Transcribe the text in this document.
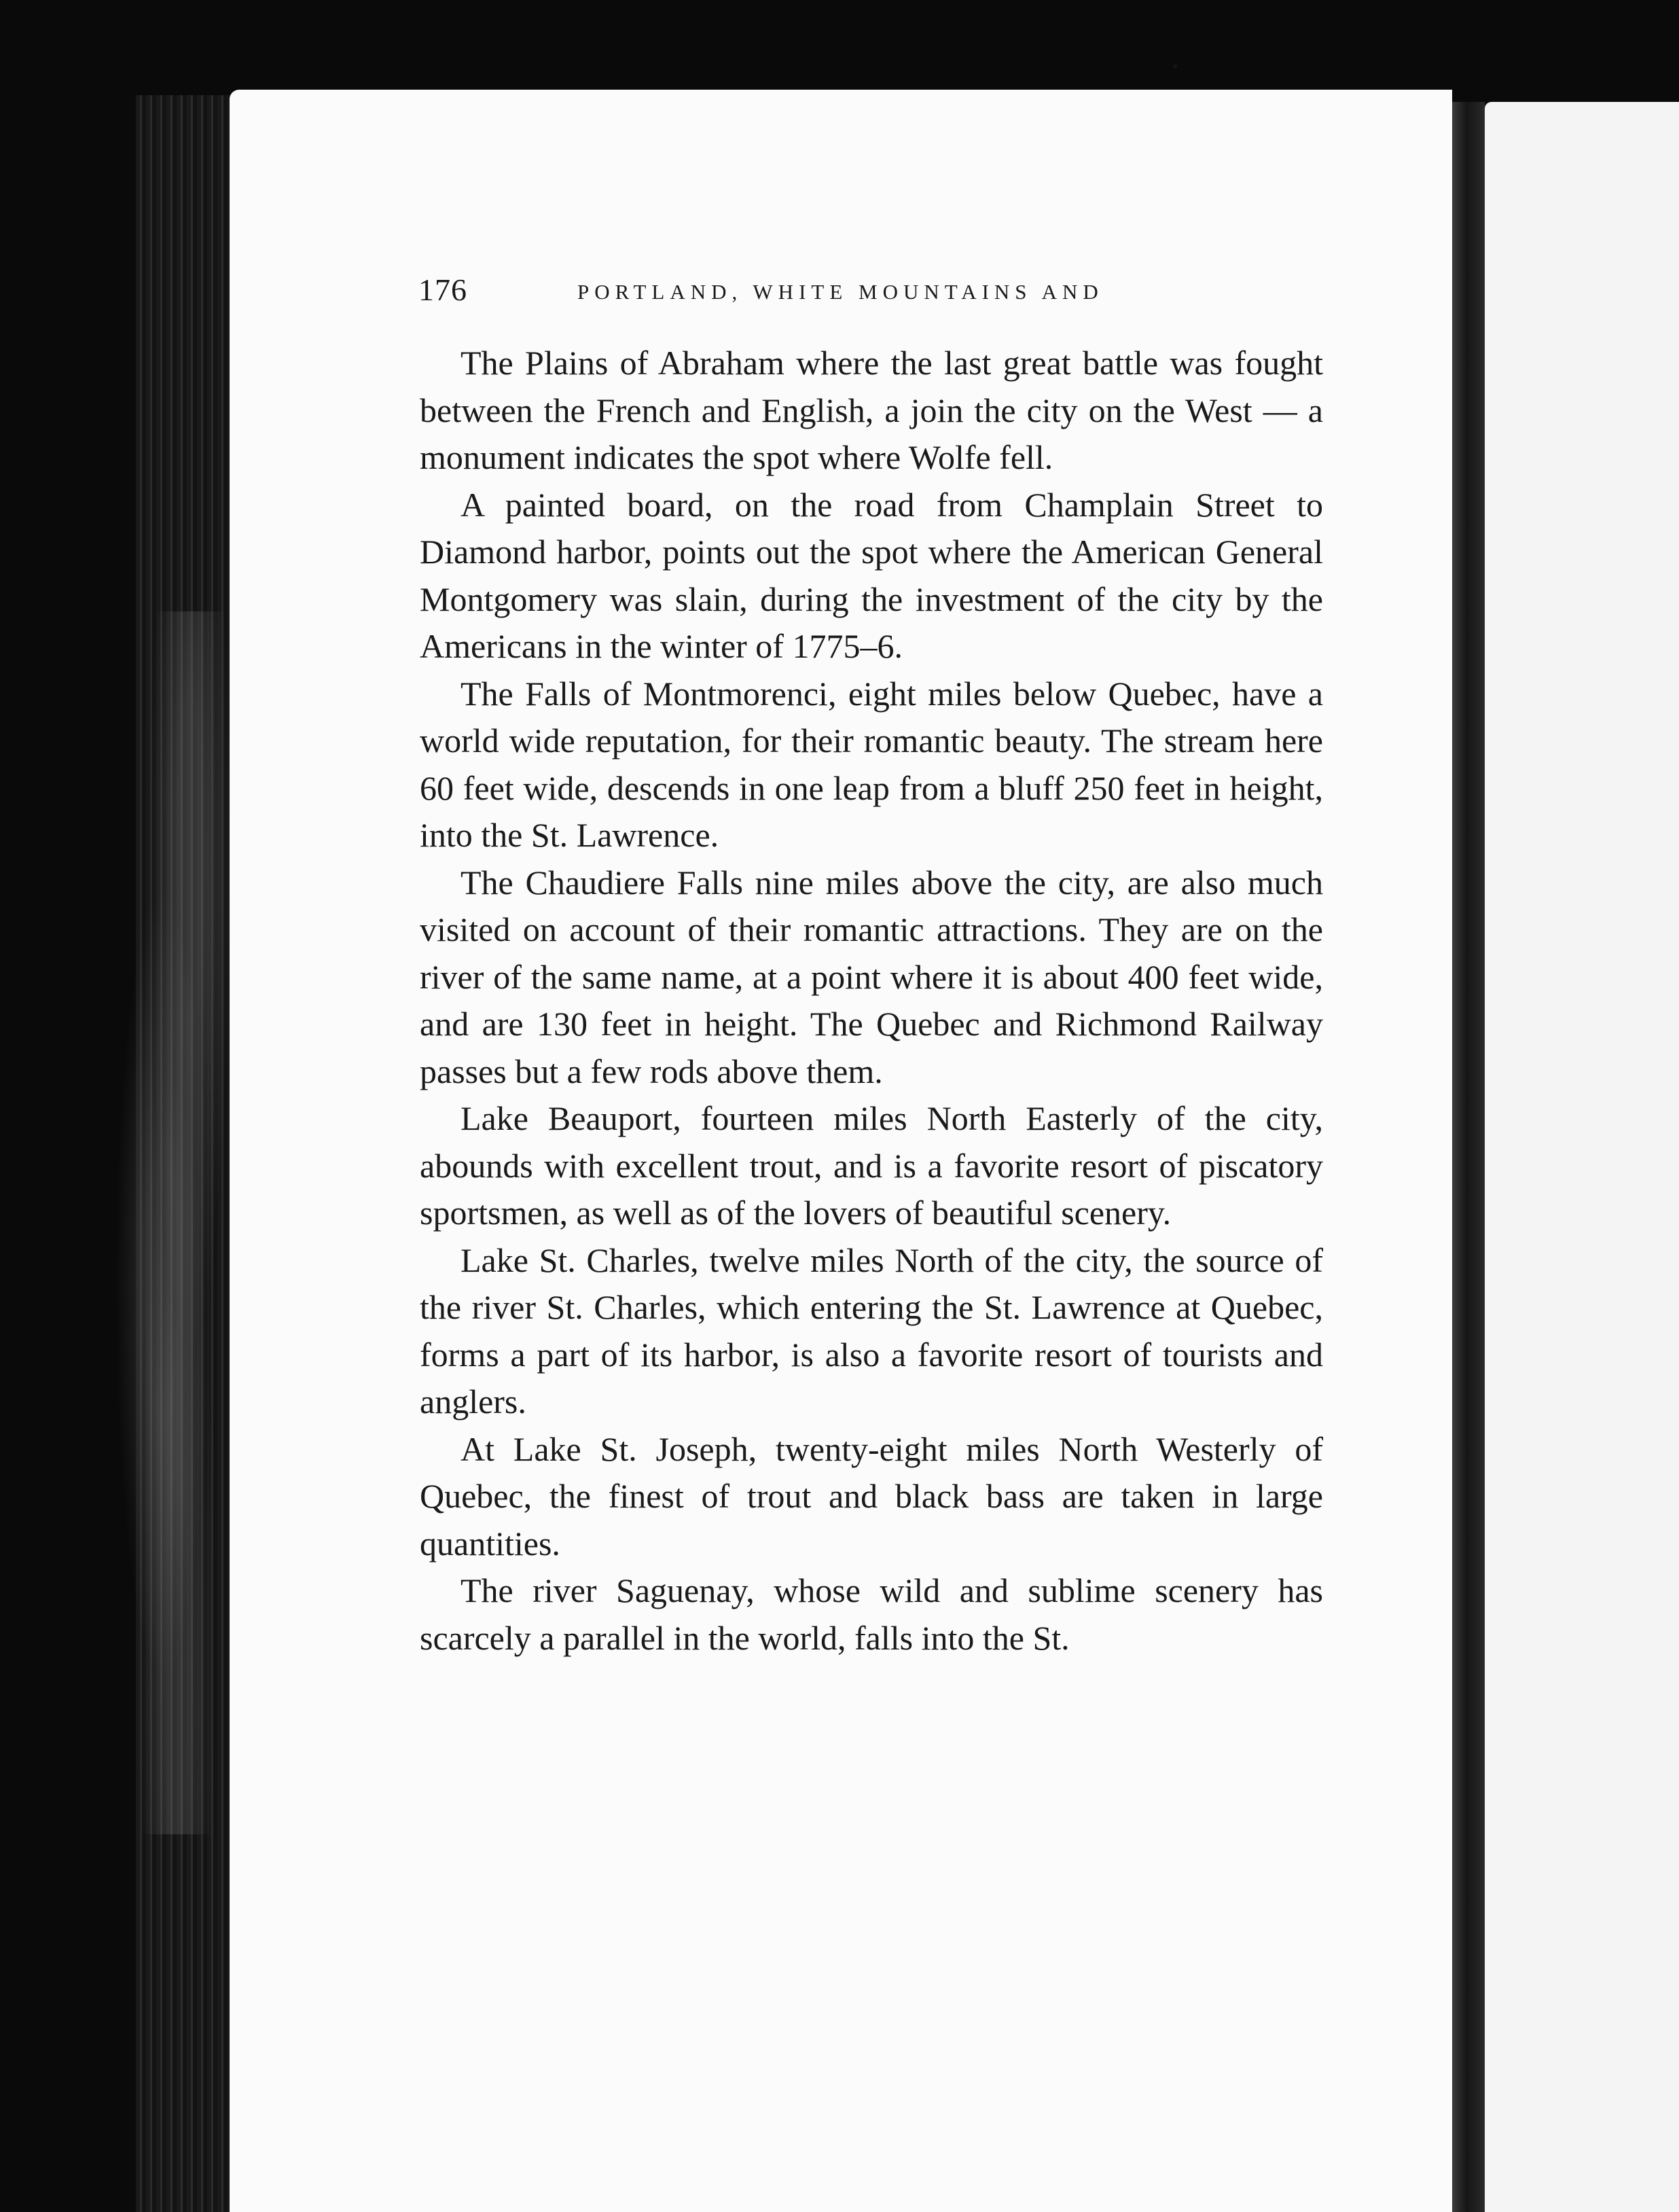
176	PORTLAND, WHITE MOUNTAINS AND

The Plains of Abraham where the last great battle was fought between the French and English, a join the city on the West — a monument indicates the spot where Wolfe fell.

A painted board, on the road from Champlain Street to Diamond harbor, points out the spot where the American General Montgomery was slain, during the investment of the city by the Americans in the winter of 1775–6.

The Falls of Montmorenci, eight miles below Quebec, have a world wide reputation, for their romantic beauty. The stream here 60 feet wide, descends in one leap from a bluff 250 feet in height, into the St. Lawrence.

The Chaudiere Falls nine miles above the city, are also much visited on account of their romantic attractions. They are on the river of the same name, at a point where it is about 400 feet wide, and are 130 feet in height. The Quebec and Richmond Railway passes but a few rods above them.

Lake Beauport, fourteen miles North Easterly of the city, abounds with excellent trout, and is a favorite resort of piscatory sportsmen, as well as of the lovers of beautiful scenery.

Lake St. Charles, twelve miles North of the city, the source of the river St. Charles, which entering the St. Lawrence at Quebec, forms a part of its harbor, is also a favorite resort of tourists and anglers.

At Lake St. Joseph, twenty-eight miles North Westerly of Quebec, the finest of trout and black bass are taken in large quantities.

The river Saguenay, whose wild and sublime scenery has scarcely a parallel in the world, falls into the St.
